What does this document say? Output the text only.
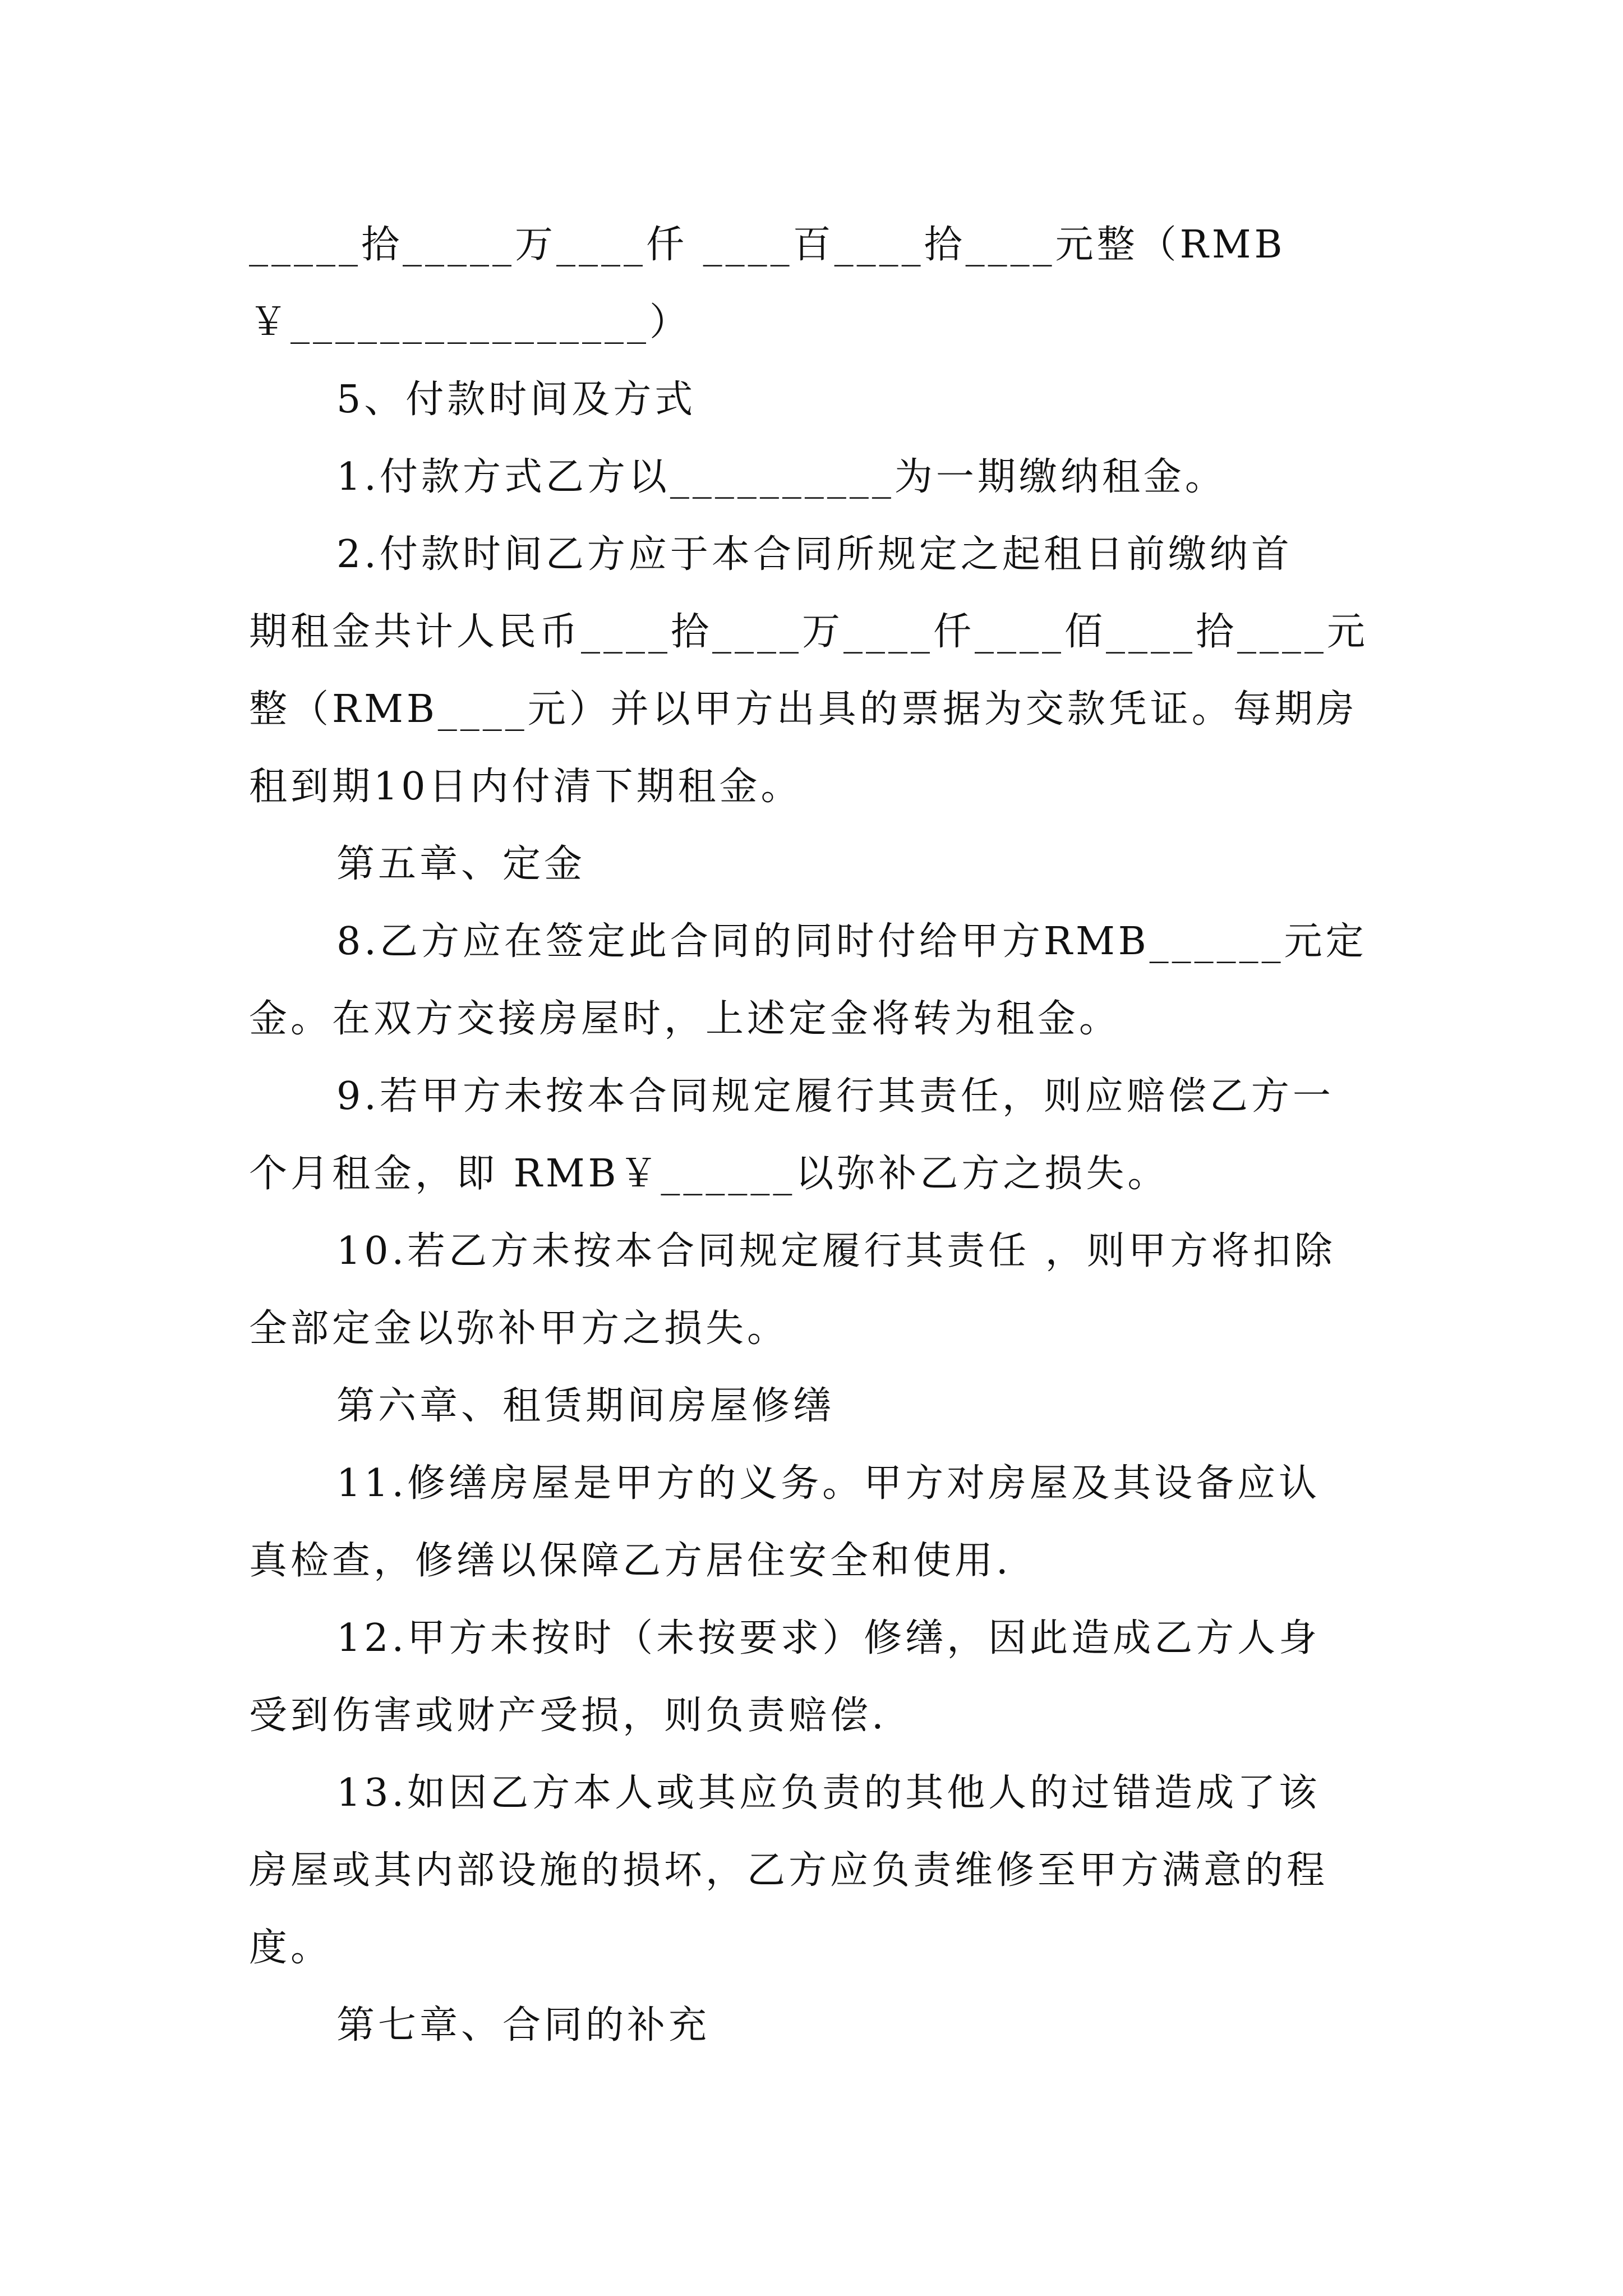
_____拾_____万____仟 ____百____拾____元整（RMB
￥________________）
5、付款时间及方式
1.付款方式乙方以__________为一期缴纳租金。
2.付款时间乙方应于本合同所规定之起租日前缴纳首
期租金共计人民币____拾____万____仟____佰____拾____元
整（RMB____元）并以甲方出具的票据为交款凭证。每期房
租到期10日内付清下期租金。
第五章、定金
8.乙方应在签定此合同的同时付给甲方RMB______元定
金。在双方交接房屋时，上述定金将转为租金。
9.若甲方未按本合同规定履行其责任，则应赔偿乙方一
个月租金，即 RMB￥______以弥补乙方之损失。
10.若乙方未按本合同规定履行其责任 ，则甲方将扣除
全部定金以弥补甲方之损失。
第六章、租赁期间房屋修缮
11.修缮房屋是甲方的义务。甲方对房屋及其设备应认
真检查，修缮以保障乙方居住安全和使用.
12.甲方未按时（未按要求）修缮，因此造成乙方人身
受到伤害或财产受损，则负责赔偿.
13.如因乙方本人或其应负责的其他人的过错造成了该
房屋或其内部设施的损坏，乙方应负责维修至甲方满意的程
度。
第七章、合同的补充
